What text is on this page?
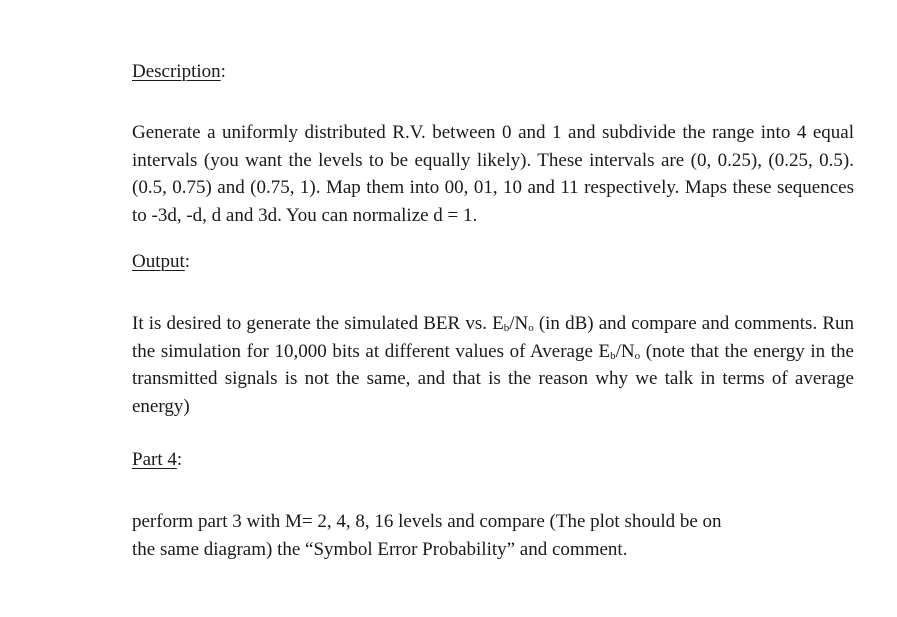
Description:

Generate a uniformly distributed R.V. between 0 and 1 and subdivide the range into 4 equal intervals (you want the levels to be equally likely). These intervals are (0, 0.25), (0.25, 0.5). (0.5, 0.75) and (0.75, 1). Map them into 00, 01, 10 and 11 respectively. Maps these sequences to -3d, -d, d and 3d. You can normalize d = 1.

Output:

It is desired to generate the simulated BER vs. Eb/No (in dB) and compare and comments. Run the simulation for 10,000 bits at different values of Average Eb/No (note that the energy in the transmitted signals is not the same, and that is the reason why we talk in terms of average energy)

Part 4:

perform part 3 with M= 2, 4, 8, 16 levels and compare (The plot should be on
the same diagram) the “Symbol Error Probability” and comment.
